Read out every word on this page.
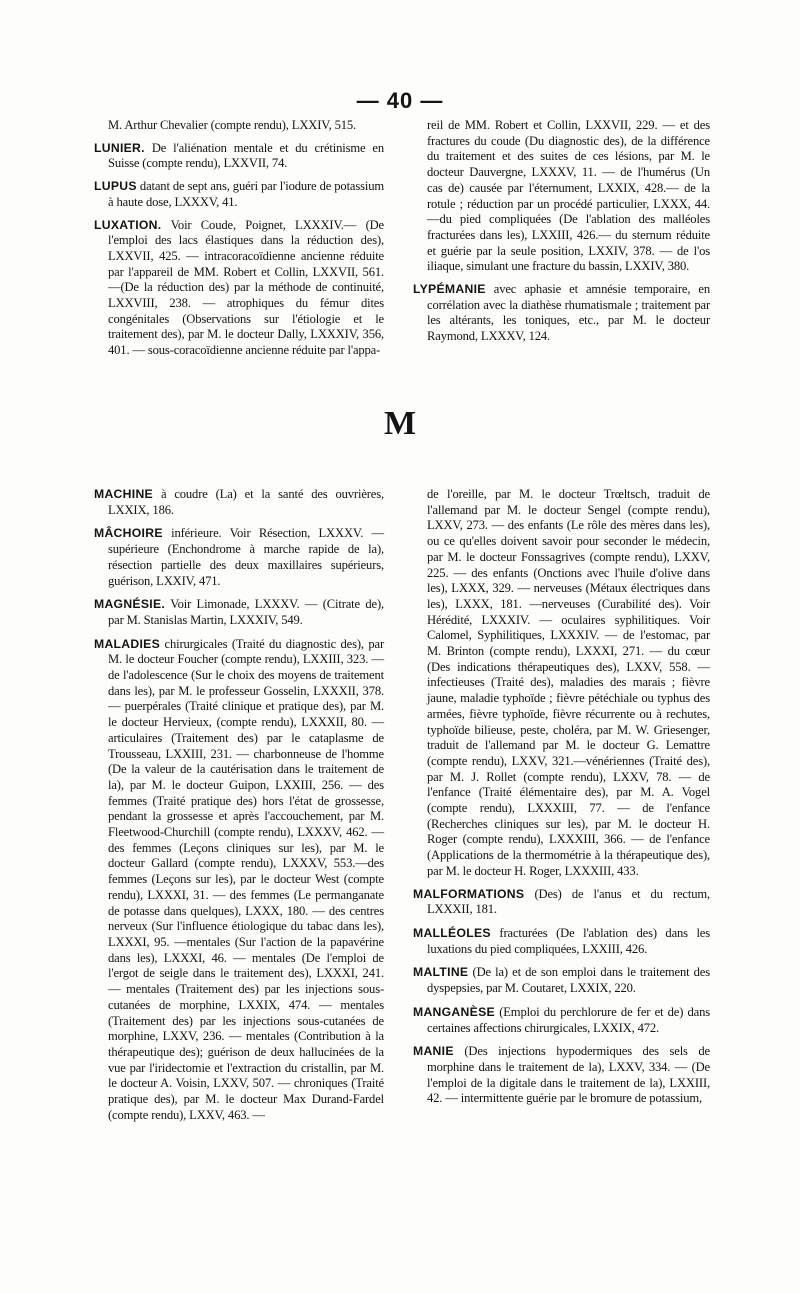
— 40 —

M. Arthur Chevalier (compte rendu), LXXIV, 515.

LUNIER. De l'aliénation mentale et du crétinisme en Suisse (compte rendu), LXXVII, 74.

LUPUS datant de sept ans, guéri par l'iodure de potassium à haute dose, LXXXV, 41.

LUXATION. Voir Coude, Poignet, LXXXIV.— (De l'emploi des lacs élastiques dans la réduction des), LXXVII, 425. — intracoracoïdienne ancienne réduite par l'appareil de MM. Robert et Collin, LXXVII, 561. —(De la réduction des) par la méthode de continuité, LXXVIII, 238. — atrophiques du fémur dites congénitales (Observations sur l'étiologie et le traitement des), par M. le docteur Dally, LXXXIV, 356, 401. — sous-coracoïdienne ancienne réduite par l'appa-

reil de MM. Robert et Collin, LXXVII, 229. — et des fractures du coude (Du diagnostic des), de la différence du traitement et des suites de ces lésions, par M. le docteur Dauvergne, LXXXV, 11. — de l'humérus (Un cas de) causée par l'éternument, LXXIX, 428.— de la rotule ; réduction par un procédé particulier, LXXX, 44.—du pied compliquées (De l'ablation des malléoles fracturées dans les), LXXIII, 426.— du sternum réduite et guérie par la seule position, LXXIV, 378. — de l'os iliaque, simulant une fracture du bassin, LXXIV, 380.

LYPÉMANIE avec aphasie et amnésie temporaire, en corrélation avec la diathèse rhumatismale ; traitement par les altérants, les toniques, etc., par M. le docteur Raymond, LXXXV, 124.

M

MACHINE à coudre (La) et la santé des ouvrières, LXXIX, 186.

MÂCHOIRE inférieure. Voir Résection, LXXXV. — supérieure (Enchondrome à marche rapide de la), résection partielle des deux maxillaires supérieurs, guérison, LXXIV, 471.

MAGNÉSIE. Voir Limonade, LXXXV. — (Citrate de), par M. Stanislas Martin, LXXXIV, 549.

MALADIES chirurgicales (Traité du diagnostic des), par M. le docteur Foucher (compte rendu), LXXIII, 323. — de l'adolescence (Sur le choix des moyens de traitement dans les), par M. le professeur Gosselin, LXXXII, 378. — puerpérales (Traité clinique et pratique des), par M. le docteur Hervieux, (compte rendu), LXXXII, 80. — articulaires (Traitement des) par le cataplasme de Trousseau, LXXIII, 231. — charbonneuse de l'homme (De la valeur de la cautérisation dans le traitement de la), par M. le docteur Guipon, LXXIII, 256. — des femmes (Traité pratique des) hors l'état de grossesse, pendant la grossesse et après l'accouchement, par M. Fleetwood-Churchill (compte rendu), LXXXV, 462. — des femmes (Leçons cliniques sur les), par M. le docteur Gallard (compte rendu), LXXXV, 553.—des femmes (Leçons sur les), par le docteur West (compte rendu), LXXXI, 31. — des femmes (Le permanganate de potasse dans quelques), LXXX, 180. — des centres nerveux (Sur l'influence étiologique du tabac dans les), LXXXI, 95. —mentales (Sur l'action de la papavérine dans les), LXXXI, 46. — mentales (De l'emploi de l'ergot de seigle dans le traitement des), LXXXI, 241. — mentales (Traitement des) par les injections sous-cutanées de morphine, LXXIX, 474. — mentales (Traitement des) par les injections sous-cutanées de morphine, LXXV, 236. — mentales (Contribution à la thérapeutique des); guérison de deux hallucinées de la vue par l'iridectomie et l'extraction du cristallin, par M. le docteur A. Voisin, LXXV, 507. — chroniques (Traité pratique des), par M. le docteur Max Durand-Fardel (compte rendu), LXXV, 463. —

de l'oreille, par M. le docteur Trœltsch, traduit de l'allemand par M. le docteur Sengel (compte rendu), LXXV, 273. — des enfants (Le rôle des mères dans les), ou ce qu'elles doivent savoir pour seconder le médecin, par M. le docteur Fonssagrives (compte rendu), LXXV, 225. — des enfants (Onctions avec l'huile d'olive dans les), LXXX, 329. — nerveuses (Métaux électriques dans les), LXXX, 181. —nerveuses (Curabilité des). Voir Hérédité, LXXXIV. — oculaires syphilitiques. Voir Calomel, Syphilitiques, LXXXIV. — de l'estomac, par M. Brinton (compte rendu), LXXXI, 271. — du cœur (Des indications thérapeutiques des), LXXV, 558. — infectieuses (Traité des), maladies des marais ; fièvre jaune, maladie typhoïde ; fièvre pétéchiale ou typhus des armées, fièvre typhoïde, fièvre récurrente ou à rechutes, typhoïde bilieuse, peste, choléra, par M. W. Griesenger, traduit de l'allemand par M. le docteur G. Lemattre (compte rendu), LXXV, 321.—vénériennes (Traité des), par M. J. Rollet (compte rendu), LXXV, 78. — de l'enfance (Traité élémentaire des), par M. A. Vogel (compte rendu), LXXXIII, 77. — de l'enfance (Recherches cliniques sur les), par M. le docteur H. Roger (compte rendu), LXXXIII, 366. — de l'enfance (Applications de la thermométrie à la thérapeutique des), par M. le docteur H. Roger, LXXXIII, 433.

MALFORMATIONS (Des) de l'anus et du rectum, LXXXII, 181.

MALLÉOLES fracturées (De l'ablation des) dans les luxations du pied compliquées, LXXIII, 426.

MALTINE (De la) et de son emploi dans le traitement des dyspepsies, par M. Coutaret, LXXIX, 220.

MANGANÈSE (Emploi du perchlorure de fer et de) dans certaines affections chirurgicales, LXXIX, 472.

MANIE (Des injections hypodermiques des sels de morphine dans le traitement de la), LXXV, 334. — (De l'emploi de la digitale dans le traitement de la), LXXIII, 42. — intermittente guérie par le bromure de potassium,
